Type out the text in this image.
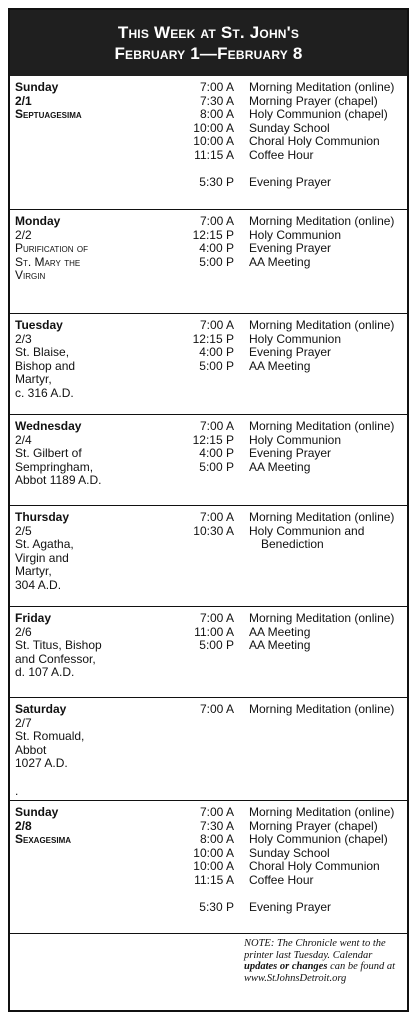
This Week at St. John's
February 1—February 8
Sunday
2/1
Septuagesima
7:00 A Morning Meditation (online)
7:30 A Morning Prayer (chapel)
8:00 A Holy Communion (chapel)
10:00 A Sunday School
10:00 A Choral Holy Communion
11:15 A Coffee Hour
5:30 P Evening Prayer
Monday
2/2
Purification of
St. Mary the
Virgin
7:00 A Morning Meditation (online)
12:15 P Holy Communion
4:00 P Evening Prayer
5:00 P AA Meeting
Tuesday
2/3
St. Blaise,
Bishop and
Martyr,
c. 316 A.D.
7:00 A Morning Meditation (online)
12:15 P Holy Communion
4:00 P Evening Prayer
5:00 P AA Meeting
Wednesday
2/4
St. Gilbert of
Sempringham,
Abbot 1189 A.D.
7:00 A Morning Meditation (online)
12:15 P Holy Communion
4:00 P Evening Prayer
5:00 P AA Meeting
Thursday
2/5
St. Agatha,
Virgin and
Martyr,
304 A.D.
7:00 A Morning Meditation (online)
10:30 A Holy Communion and
Benediction
Friday
2/6
St. Titus, Bishop
and Confessor,
d. 107 A.D.
7:00 A Morning Meditation (online)
11:00 A AA Meeting
5:00 P AA Meeting
Saturday
2/7
St. Romuald,
Abbot
1027 A.D.
.
7:00 A Morning Meditation (online)
Sunday
2/8
Sexagesima
7:00 A Morning Meditation (online)
7:30 A Morning Prayer (chapel)
8:00 A Holy Communion (chapel)
10:00 A Sunday School
10:00 A Choral Holy Communion
11:15 A Coffee Hour
5:30 P Evening Prayer
NOTE: The Chronicle went to the printer last Tuesday. Calendar updates or changes can be found at www.StJohnsDetroit.org
